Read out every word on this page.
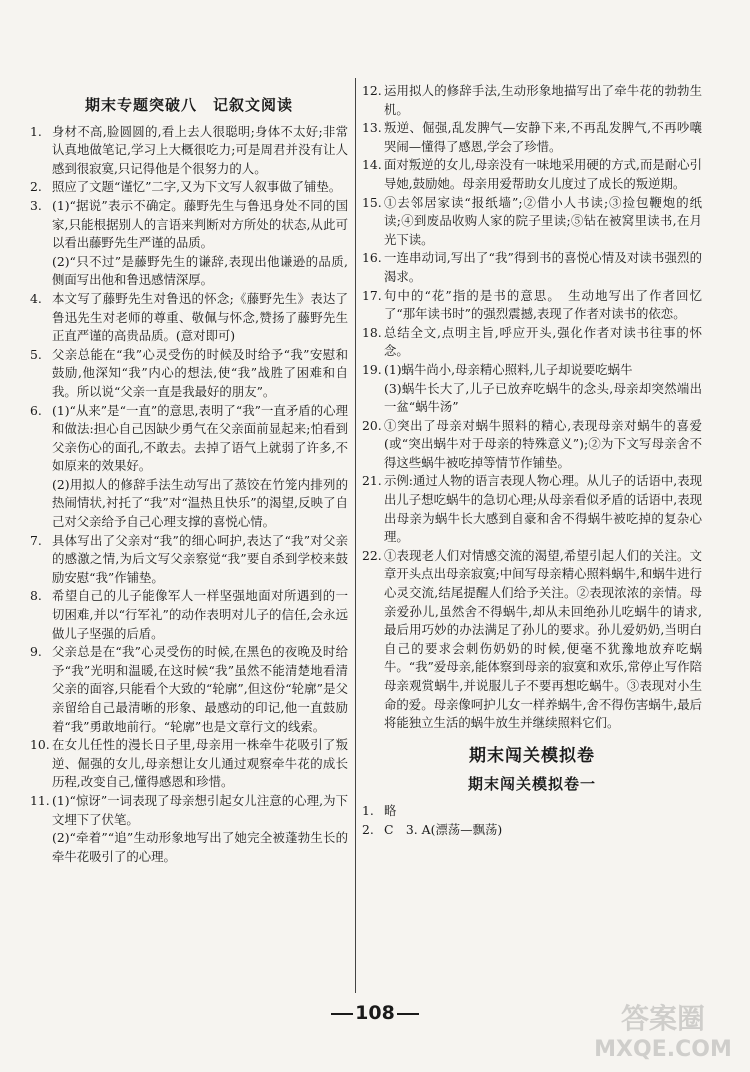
期末专题突破八　记叙文阅读
1. 身材不高,脸圆圆的,看上去人很聪明;身体不太好;非常认真地做笔记,学习上大概很吃力;可是周君并没有让人感到很寂寞,只记得他是个很努力的人。
2. 照应了文题“谨忆”二字,又为下文写人叙事做了铺垫。
3. (1)“据说”表示不确定。藤野先生与鲁迅身处不同的国家,只能根据别人的言语来判断对方所处的状态,从此可以看出藤野先生严谨的品质。
(2)“只不过”是藤野先生的谦辞,表现出他谦逊的品质,侧面写出他和鲁迅感情深厚。
4. 本文写了藤野先生对鲁迅的怀念;《藤野先生》表达了鲁迅先生对老师的尊重、敬佩与怀念,赞扬了藤野先生正直严谨的高贵品质。(意对即可)
5. 父亲总能在“我”心灵受伤的时候及时给予“我”安慰和鼓励,他深知“我”内心的想法,使“我”战胜了困难和自我。所以说“父亲一直是我最好的朋友”。
6. (1)“从来”是“一直”的意思,表明了“我”一直矛盾的心理和做法:担心自己因缺少勇气在父亲面前显起来;怕看到父亲伤心的面孔,不敢去。去掉了语气上就弱了许多,不如原来的效果好。
(2)用拟人的修辞手法生动写出了蒸饺在竹笼内排列的热闹情状,衬托了“我”对“温热且快乐”的渴望,反映了自己对父亲给予自己心理支撑的喜悦心情。
7. 具体写出了父亲对“我”的细心呵护,表达了“我”对父亲的感激之情,为后文写父亲察觉“我”要自杀到学校来鼓励安慰“我”作铺垫。
8. 希望自己的儿子能像军人一样坚强地面对所遇到的一切困难,并以“行军礼”的动作表明对儿子的信任,会永远做儿子坚强的后盾。
9. 父亲总是在“我”心灵受伤的时候,在黑色的夜晚及时给予“我”光明和温暖,在这时候“我”虽然不能清楚地看清父亲的面容,只能看个大致的“轮廓”,但这份“轮廓”是父亲留给自己最清晰的形象、最感动的印记,他一直鼓励着“我”勇敢地前行。“轮廓”也是文章行文的线索。
10. 在女儿任性的漫长日子里,母亲用一株牵牛花吸引了叛逆、倔强的女儿,母亲想让女儿通过观察牵牛花的成长历程,改变自己,懂得感恩和珍惜。
11. (1)“惊讶”一词表现了母亲想引起女儿注意的心理,为下文埋下了伏笔。
(2)“牵着”“追”生动形象地写出了她完全被蓬勃生长的牵牛花吸引了的心理。
12. 运用拟人的修辞手法,生动形象地描写出了牵牛花的勃勃生机。
13. 叛逆、倔强,乱发脾气—安静下来,不再乱发脾气,不再吵嚷哭闹—懂得了感恩,学会了珍惜。
14. 面对叛逆的女儿,母亲没有一味地采用硬的方式,而是耐心引导她,鼓励她。母亲用爱帮助女儿度过了成长的叛逆期。
15. ①去邻居家读“报纸墙”;②借小人书读;③捡包鞭炮的纸读;④到废品收购人家的院子里读;⑤钻在被窝里读书,在月光下读。
16. 一连串动词,写出了“我”得到书的喜悦心情及对读书强烈的渴求。
17. 句中的“花”指的是书的意思。　生动地写出了作者回忆了“那年读书时”的强烈震撼,表现了作者对读书的依恋。
18. 总结全文,点明主旨,呼应开头,强化作者对读书往事的怀念。
19. (1)蜗牛尚小,母亲精心照料,儿子却说要吃蜗牛
(3)蜗牛长大了,儿子已放弃吃蜗牛的念头,母亲却突然端出一盆“蜗牛汤”
20. ①突出了母亲对蜗牛照料的精心,表现母亲对蜗牛的喜爱(或“突出蜗牛对于母亲的特殊意义”);②为下文写母亲舍不得这些蜗牛被吃掉等情节作铺垫。
21. 示例:通过人物的语言表现人物心理。从儿子的话语中,表现出儿子想吃蜗牛的急切心理;从母亲看似矛盾的话语中,表现出母亲为蜗牛长大感到自豪和舍不得蜗牛被吃掉的复杂心理。
22. ①表现老人们对情感交流的渴望,希望引起人们的关注。文章开头点出母亲寂寞;中间写母亲精心照料蜗牛,和蜗牛进行心灵交流,结尾提醒人们给予关注。②表现浓浓的亲情。母亲爱孙儿,虽然舍不得蜗牛,却从未回绝孙儿吃蜗牛的请求,最后用巧妙的办法满足了孙儿的要求。孙儿爱奶奶,当明白自己的要求会刺伤奶奶的时候,便毫不犹豫地放弃吃蜗牛。“我”爱母亲,能体察到母亲的寂寞和欢乐,常停止写作陪母亲观赏蜗牛,并说服儿子不要再想吃蜗牛。③表现对小生命的爱。母亲像呵护儿女一样养蜗牛,舍不得伤害蜗牛,最后将能独立生活的蜗牛放生并继续照料它们。
期末闯关模拟卷
期末闯关模拟卷一
1. 略
2. C　3. A(漂荡—飘荡)
108	答案圈
MXQE.COM
